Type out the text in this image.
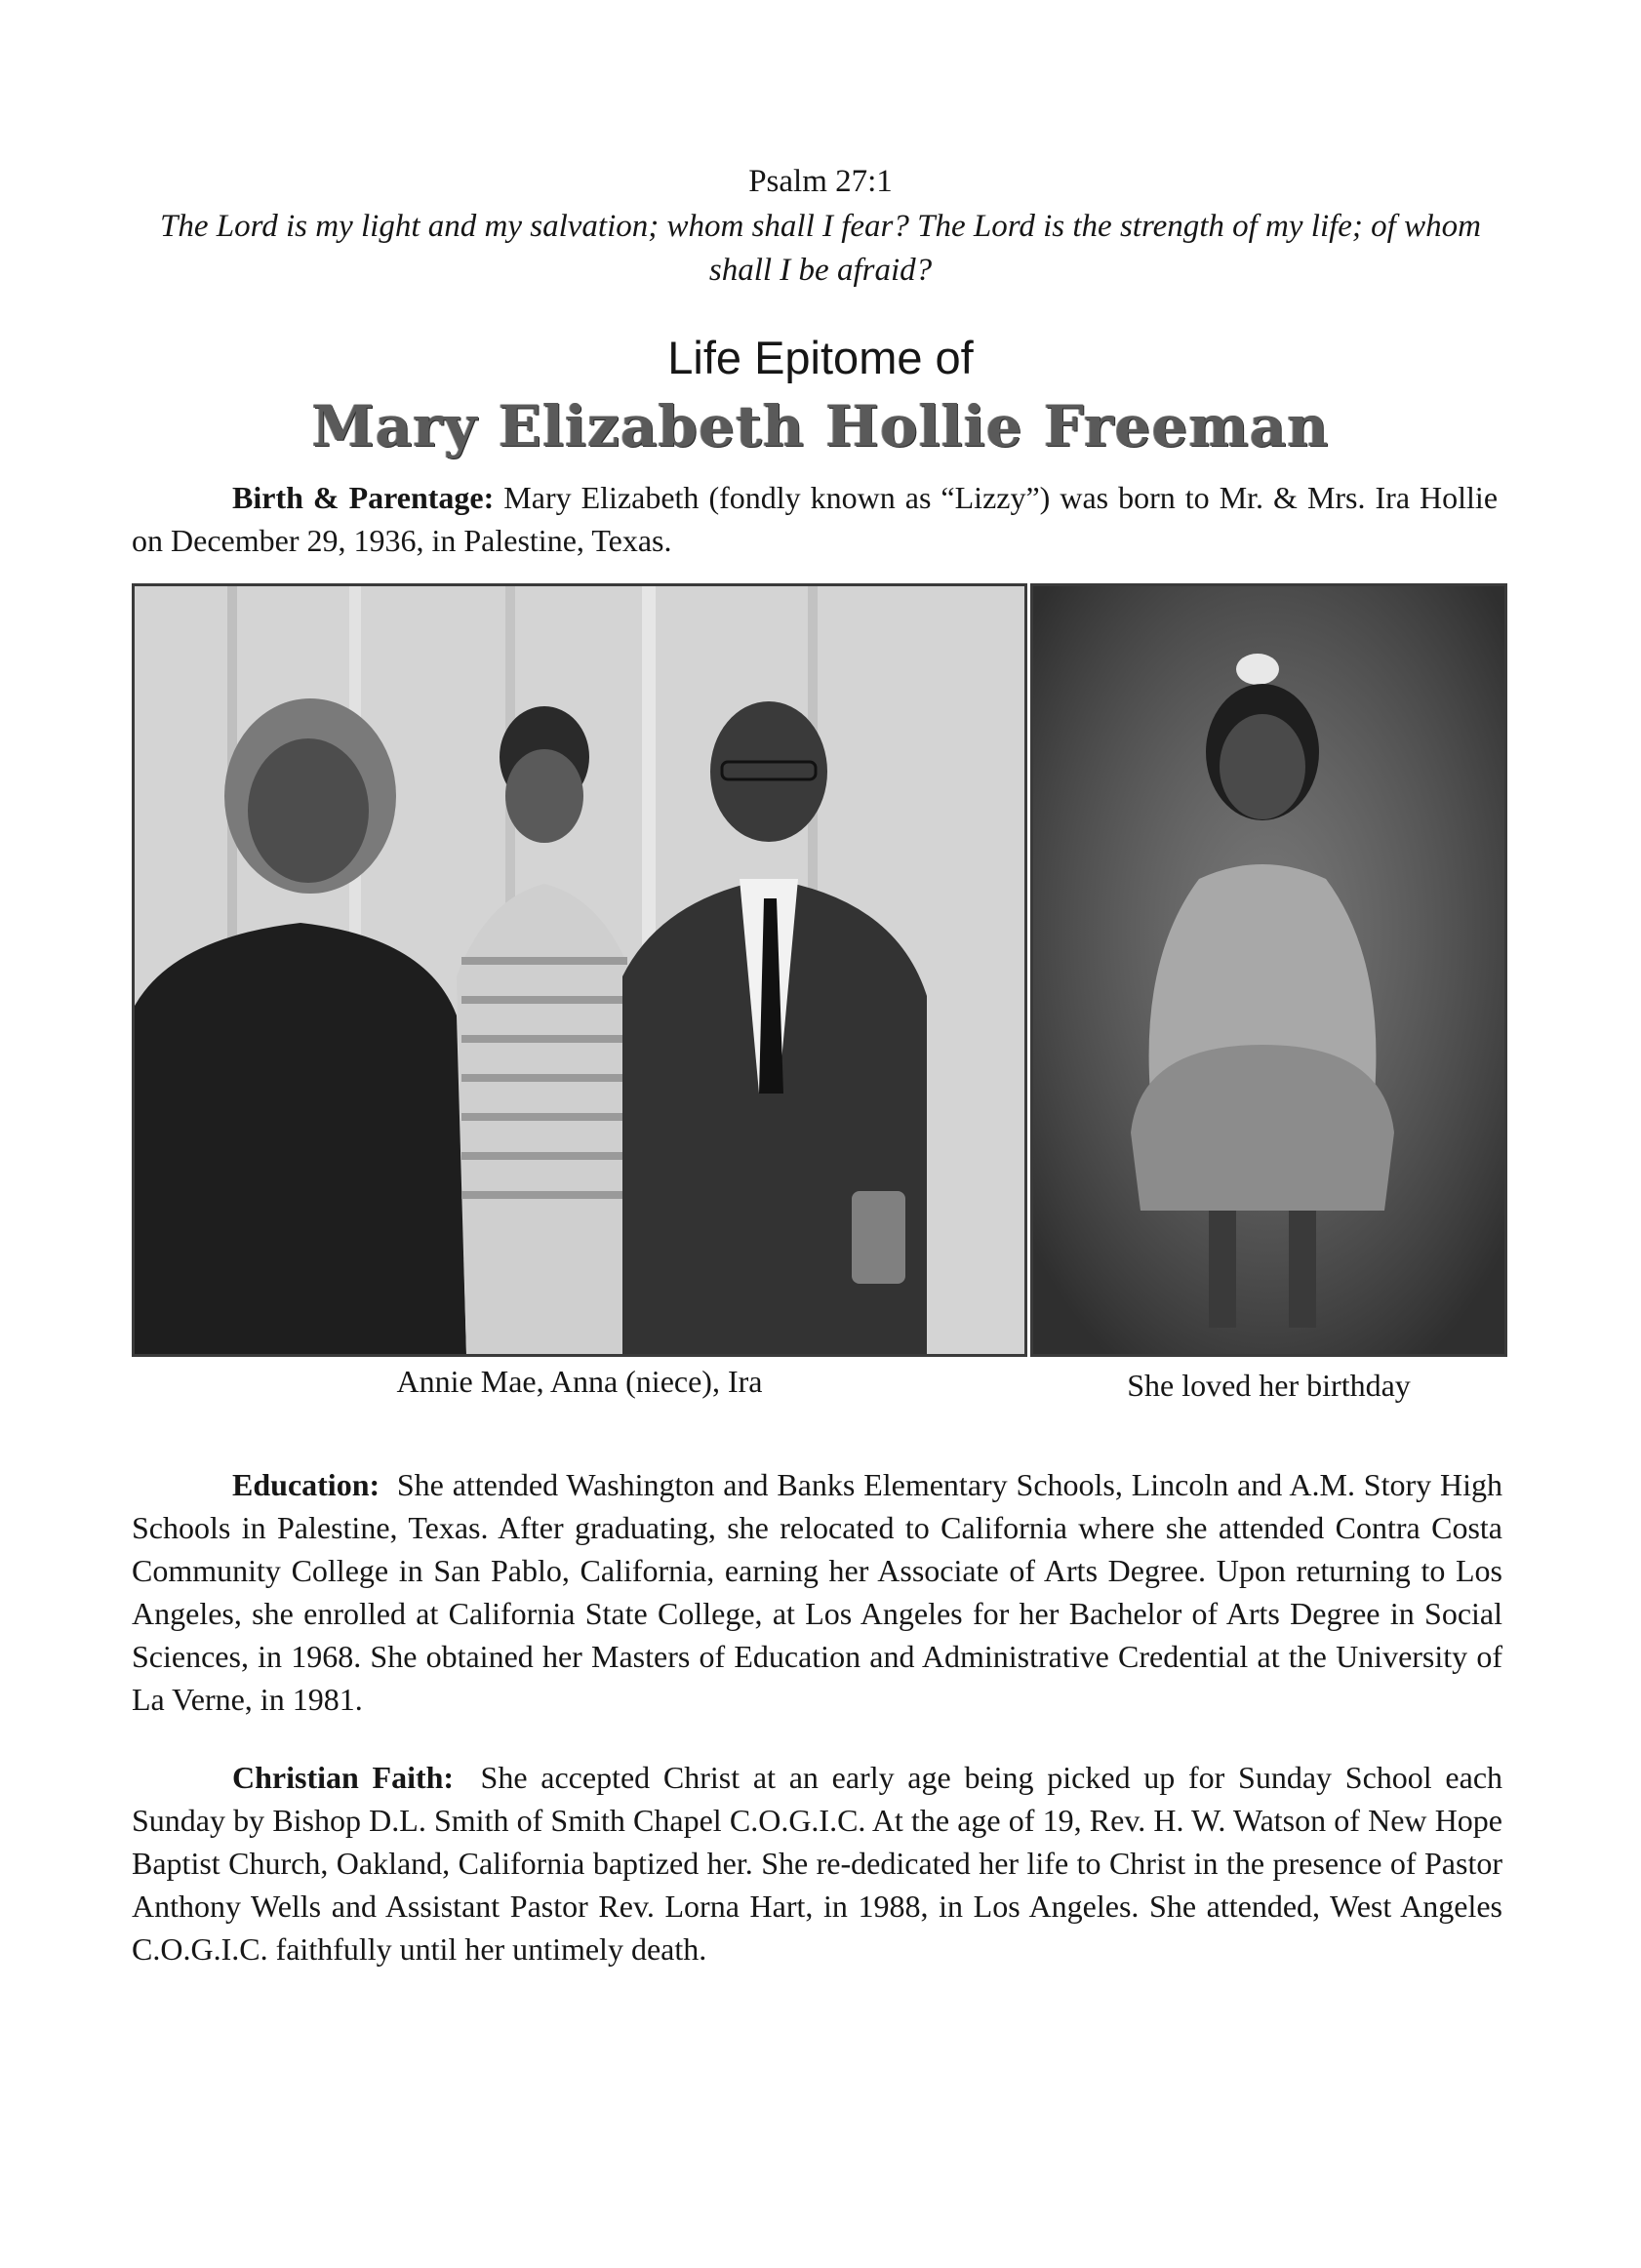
Psalm 27:1
The Lord is my light and my salvation; whom shall I fear? The Lord is the strength of my life; of whom shall I be afraid?
Life Epitome of
Mary Elizabeth Hollie Freeman
Birth & Parentage: Mary Elizabeth (fondly known as “Lizzy”) was born to Mr. & Mrs. Ira Hollie on December 29, 1936, in Palestine, Texas.
Annie Mae, Anna (niece), Ira	She loved her birthday
Education: She attended Washington and Banks Elementary Schools, Lincoln and A.M. Story High Schools in Palestine, Texas. After graduating, she relocated to California where she attended Contra Costa Community College in San Pablo, California, earning her Associate of Arts Degree. Upon returning to Los Angeles, she enrolled at California State College, at Los Angeles for her Bachelor of Arts Degree in Social Sciences, in 1968. She obtained her Masters of Education and Administrative Credential at the University of La Verne, in 1981.
Christian Faith: She accepted Christ at an early age being picked up for Sunday School each Sunday by Bishop D.L. Smith of Smith Chapel C.O.G.I.C. At the age of 19, Rev. H. W. Watson of New Hope Baptist Church, Oakland, California baptized her. She re-dedicated her life to Christ in the presence of Pastor Anthony Wells and Assistant Pastor Rev. Lorna Hart, in 1988, in Los Angeles. She attended, West Angeles C.O.G.I.C. faithfully until her untimely death.
